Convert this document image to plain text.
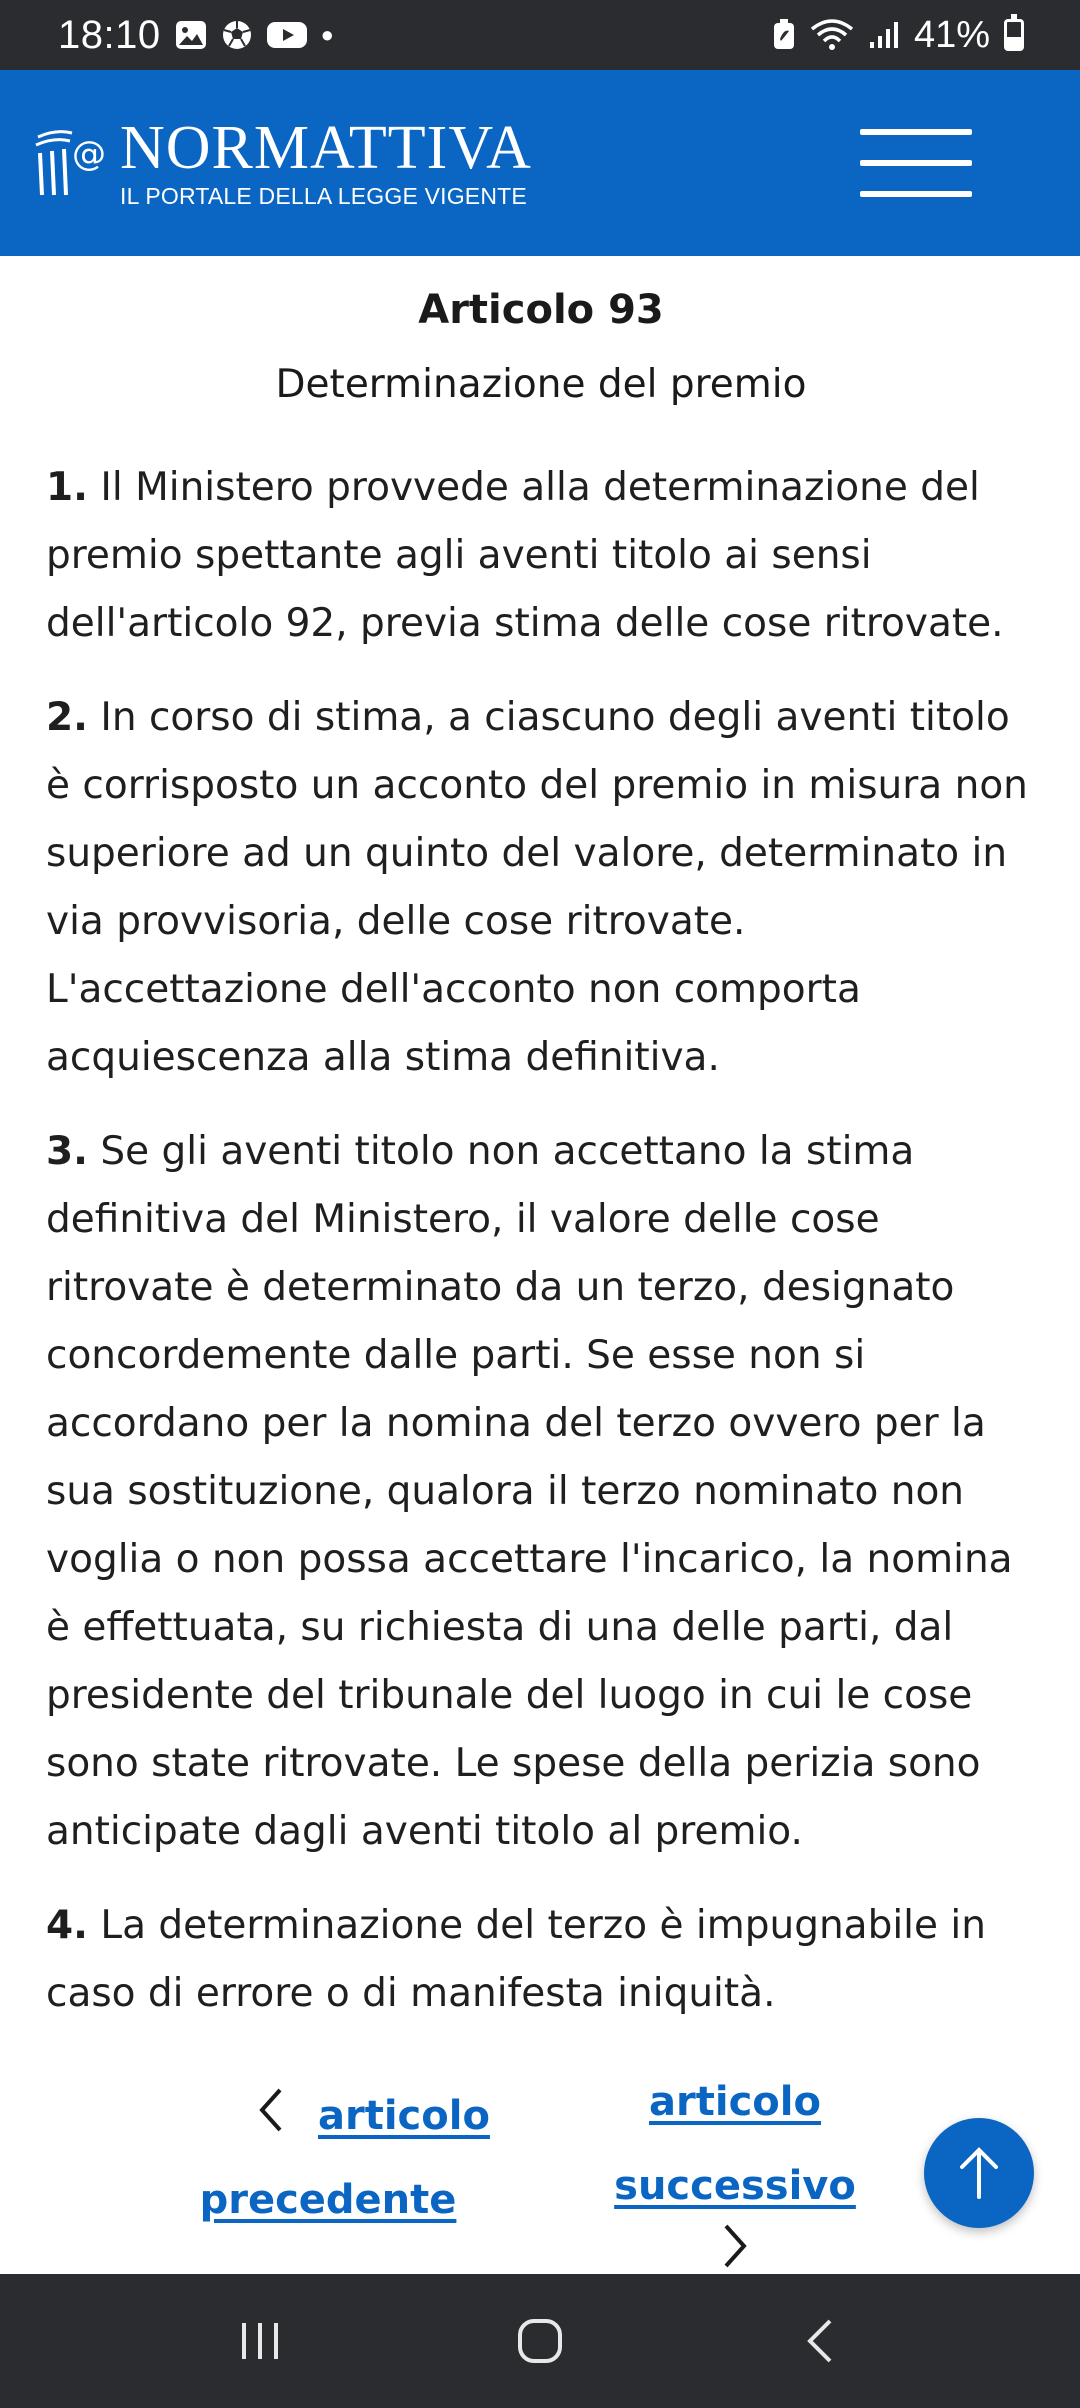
18:10	●	41%
@ NORMATTIVA
IL PORTALE DELLA LEGGE VIGENTE
Articolo 93
Determinazione del premio

1. Il Ministero provvede alla determinazione del premio spettante agli aventi titolo ai sensi dell'articolo 92, previa stima delle cose ritrovate.

2. In corso di stima, a ciascuno degli aventi titolo è corrisposto un acconto del premio in misura non superiore ad un quinto del valore, determinato in via provvisoria, delle cose ritrovate. L'accettazione dell'acconto non comporta acquiescenza alla stima definitiva.

3. Se gli aventi titolo non accettano la stima definitiva del Ministero, il valore delle cose ritrovate è determinato da un terzo, designato concordemente dalle parti. Se esse non si accordano per la nomina del terzo ovvero per la sua sostituzione, qualora il terzo nominato non voglia o non possa accettare l'incarico, la nomina è effettuata, su richiesta di una delle parti, dal presidente del tribunale del luogo in cui le cose sono state ritrovate. Le spese della perizia sono anticipate dagli aventi titolo al premio.

4. La determinazione del terzo è impugnabile in caso di errore o di manifesta iniquità.

articolo
precedente
articolo
successivo
